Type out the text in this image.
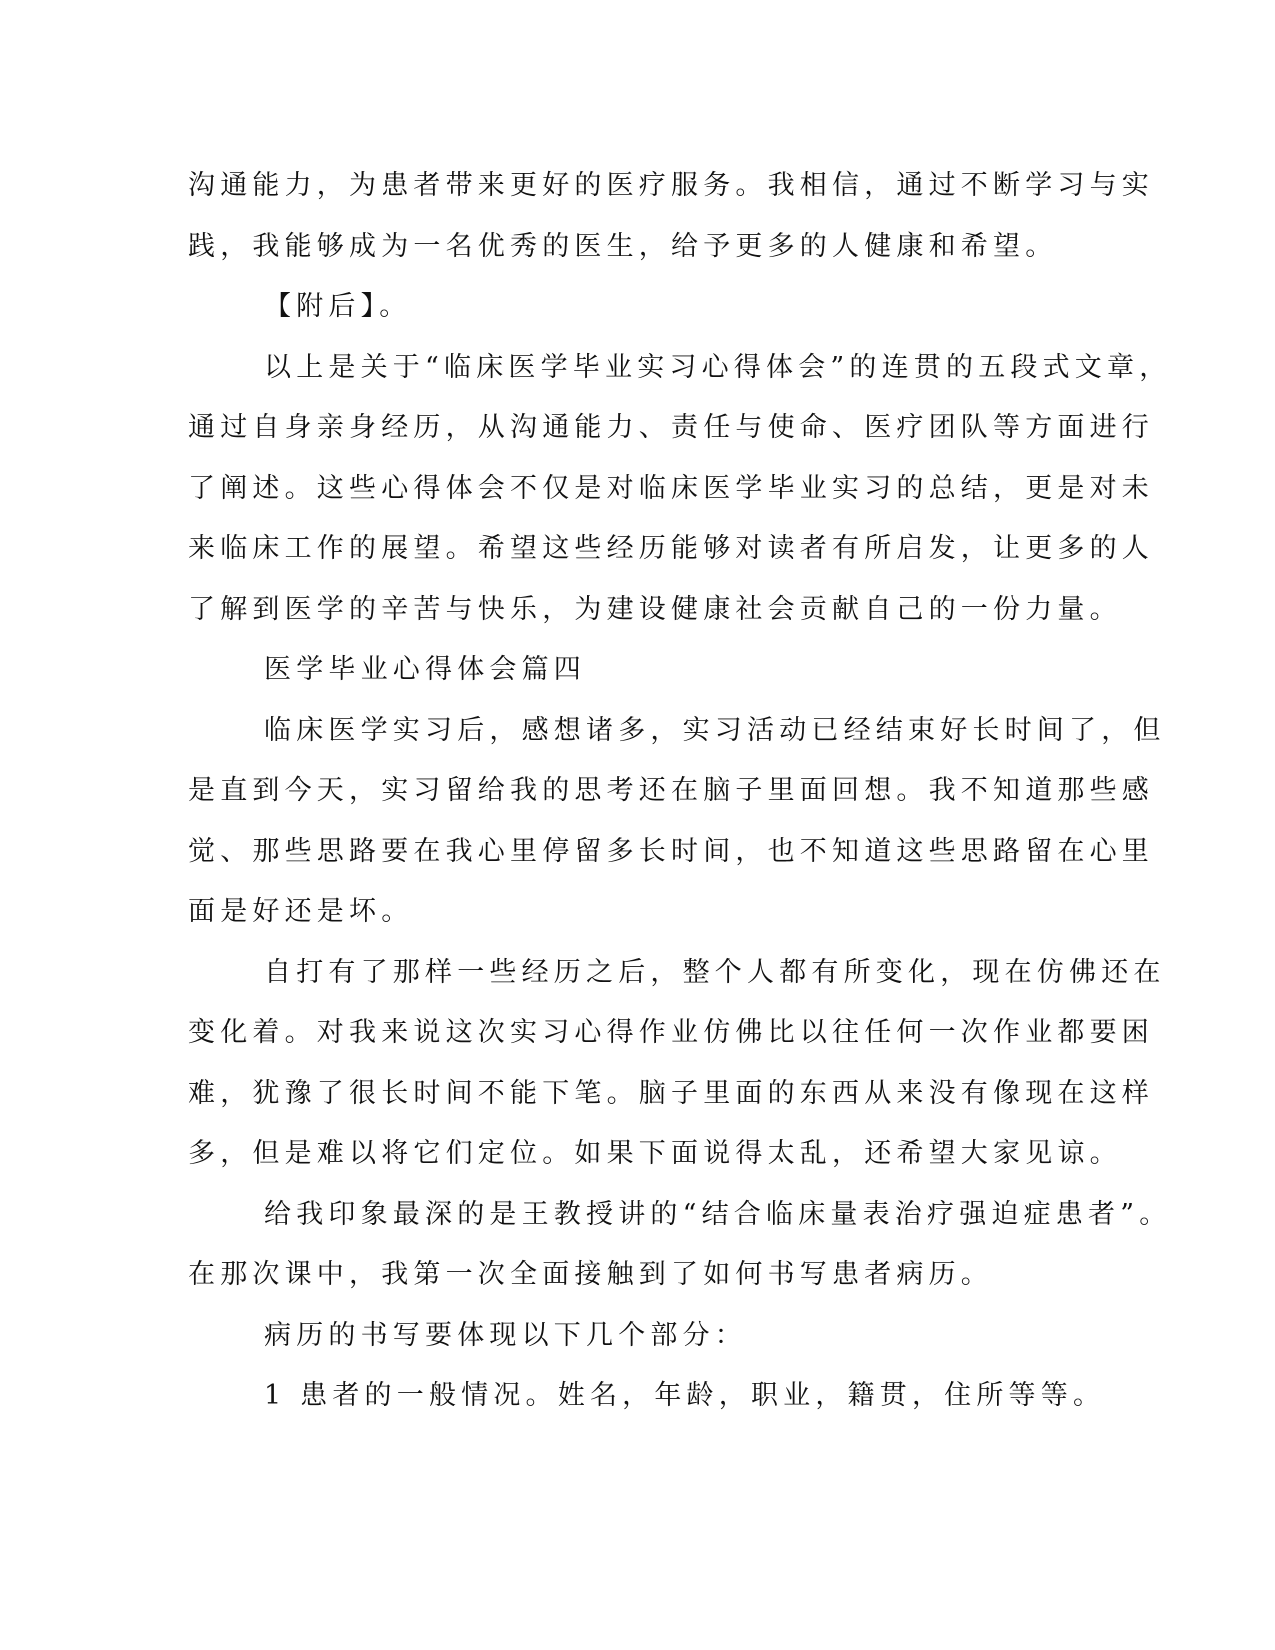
沟通能力，为患者带来更好的医疗服务。我相信，通过不断学习与实
践，我能够成为一名优秀的医生，给予更多的人健康和希望。
【附后】。
以上是关于“临床医学毕业实习心得体会”的连贯的五段式文章，
通过自身亲身经历，从沟通能力、责任与使命、医疗团队等方面进行
了阐述。这些心得体会不仅是对临床医学毕业实习的总结，更是对未
来临床工作的展望。希望这些经历能够对读者有所启发，让更多的人
了解到医学的辛苦与快乐，为建设健康社会贡献自己的一份力量。
医学毕业心得体会篇四
临床医学实习后，感想诸多，实习活动已经结束好长时间了，但
是直到今天，实习留给我的思考还在脑子里面回想。我不知道那些感
觉、那些思路要在我心里停留多长时间，也不知道这些思路留在心里
面是好还是坏。
自打有了那样一些经历之后，整个人都有所变化，现在仿佛还在
变化着。对我来说这次实习心得作业仿佛比以往任何一次作业都要困
难，犹豫了很长时间不能下笔。脑子里面的东西从来没有像现在这样
多，但是难以将它们定位。如果下面说得太乱，还希望大家见谅。
给我印象最深的是王教授讲的“结合临床量表治疗强迫症患者”。
在那次课中，我第一次全面接触到了如何书写患者病历。
病历的书写要体现以下几个部分：
1 患者的一般情况。姓名，年龄，职业，籍贯，住所等等。
